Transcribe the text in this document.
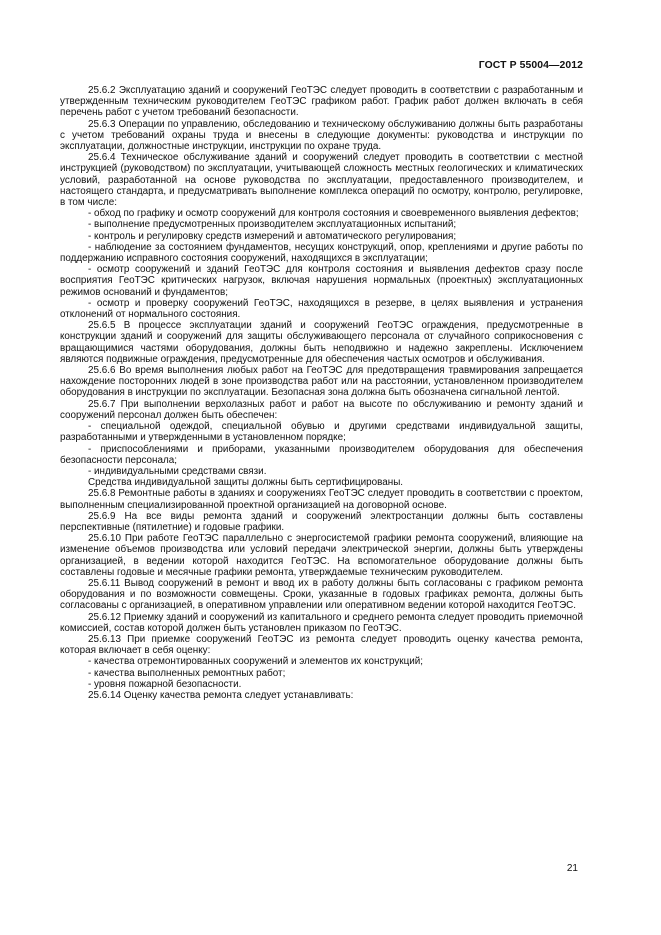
ГОСТ Р 55004—2012

25.6.2 Эксплуатацию зданий и сооружений ГеоТЭС следует проводить в соответствии с разработанным и утвержденным техническим руководителем ГеоТЭС графиком работ. График работ должен включать в себя перечень работ с учетом требований безопасности.

25.6.3 Операции по управлению, обследованию и техническому обслуживанию должны быть разработаны с учетом требований охраны труда и внесены в следующие документы: руководства и инструкции по эксплуатации, должностные инструкции, инструкции по охране труда.

25.6.4 Техническое обслуживание зданий и сооружений следует проводить в соответствии с местной инструкцией (руководством) по эксплуатации, учитывающей сложность местных геологических и климатических условий, разработанной на основе руководства по эксплуатации, предоставленного производителем, и настоящего стандарта, и предусматривать выполнение комплекса операций по осмотру, контролю, регулировке, в том числе:

- обход по графику и осмотр сооружений для контроля состояния и своевременного выявления дефектов;

- выполнение предусмотренных производителем эксплуатационных испытаний;

- контроль и регулировку средств измерений и автоматического регулирования;

- наблюдение за состоянием фундаментов, несущих конструкций, опор, креплениями и другие работы по поддержанию исправного состояния сооружений, находящихся в эксплуатации;

- осмотр сооружений и зданий ГеоТЭС для контроля состояния и выявления дефектов сразу после восприятия ГеоТЭС критических нагрузок, включая нарушения нормальных (проектных) эксплуатационных режимов оснований и фундаментов;

- осмотр и проверку сооружений ГеоТЭС, находящихся в резерве, в целях выявления и устранения отклонений от нормального состояния.

25.6.5 В процессе эксплуатации зданий и сооружений ГеоТЭС ограждения, предусмотренные в конструкции зданий и сооружений для защиты обслуживающего персонала от случайного соприкосновения с вращающимися частями оборудования, должны быть неподвижно и надежно закреплены. Исключением являются подвижные ограждения, предусмотренные для обеспечения частых осмотров и обслуживания.

25.6.6 Во время выполнения любых работ на ГеоТЭС для предотвращения травмирования запрещается нахождение посторонних людей в зоне производства работ или на расстоянии, установленном производителем оборудования в инструкции по эксплуатации. Безопасная зона должна быть обозначена сигнальной лентой.

25.6.7 При выполнении верхолазных работ и работ на высоте по обслуживанию и ремонту зданий и сооружений персонал должен быть обеспечен:

- специальной одеждой, специальной обувью и другими средствами индивидуальной защиты, разработанными и утвержденными в установленном порядке;

- приспособлениями и приборами, указанными производителем оборудования для обеспечения безопасности персонала;

- индивидуальными средствами связи.

Средства индивидуальной защиты должны быть сертифицированы.

25.6.8 Ремонтные работы в зданиях и сооружениях ГеоТЭС следует проводить в соответствии с проектом, выполненным специализированной проектной организацией на договорной основе.

25.6.9 На все виды ремонта зданий и сооружений электростанции должны быть составлены перспективные (пятилетние) и годовые графики.

25.6.10 При работе ГеоТЭС параллельно с энергосистемой графики ремонта сооружений, влияющие на изменение объемов производства или условий передачи электрической энергии, должны быть утверждены организацией, в ведении которой находится ГеоТЭС. На вспомогательное оборудование должны быть составлены годовые и месячные графики ремонта, утверждаемые техническим руководителем.

25.6.11 Вывод сооружений в ремонт и ввод их в работу должны быть согласованы с графиком ремонта оборудования и по возможности совмещены. Сроки, указанные в годовых графиках ремонта, должны быть согласованы с организацией, в оперативном управлении или оперативном ведении которой находится ГеоТЭС.

25.6.12 Приемку зданий и сооружений из капитального и среднего ремонта следует проводить приемочной комиссией, состав которой должен быть установлен приказом по ГеоТЭС.

25.6.13 При приемке сооружений ГеоТЭС из ремонта следует проводить оценку качества ремонта, которая включает в себя оценку:

- качества отремонтированных сооружений и элементов их конструкций;

- качества выполненных ремонтных работ;

- уровня пожарной безопасности.

25.6.14 Оценку качества ремонта следует устанавливать:

21
